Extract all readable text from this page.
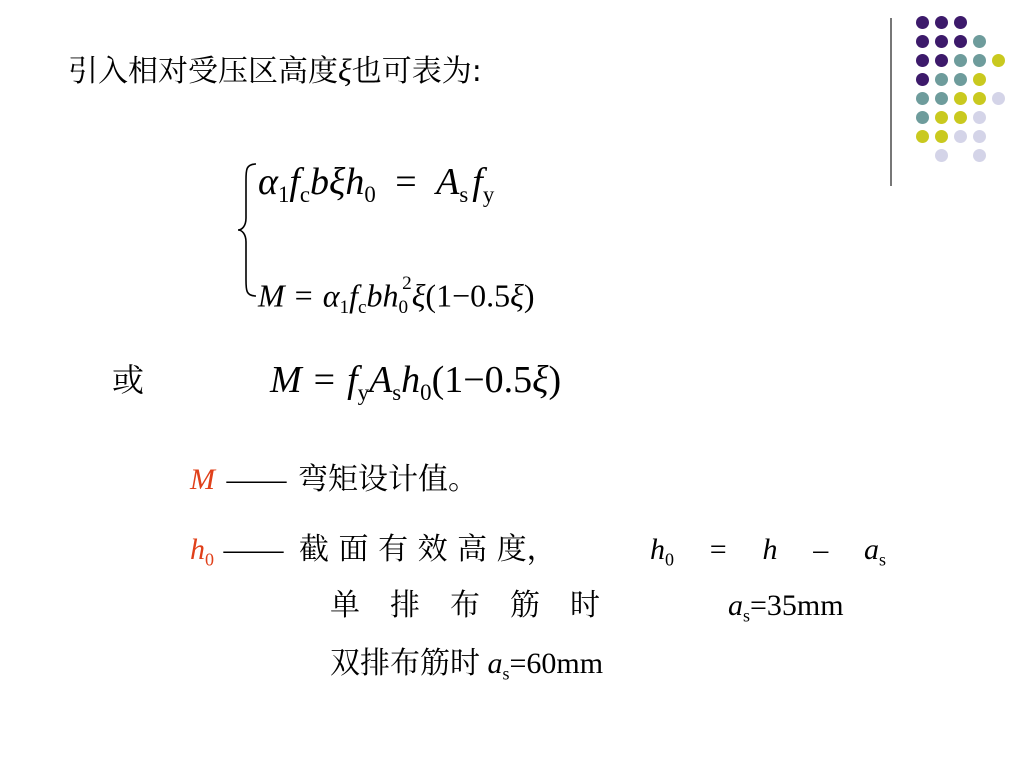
引入相对受压区高度ξ也可表为:
$\alpha_1f_cb\xi h_0 = A_s$ $f_y$
$M = \alpha_1f_cbh_0^2\xi(1-0.5\xi)$
或	$M = f_yA_sh_0(1-0.5\xi)$
M —— 弯矩设计值。
$h_0$ —— 截 面 有 效 高 度，	$h_0 = h - a_s$
单　排　布　筋　时	$a_s=35mm$
双排布筋时 $a_s=60mm$
